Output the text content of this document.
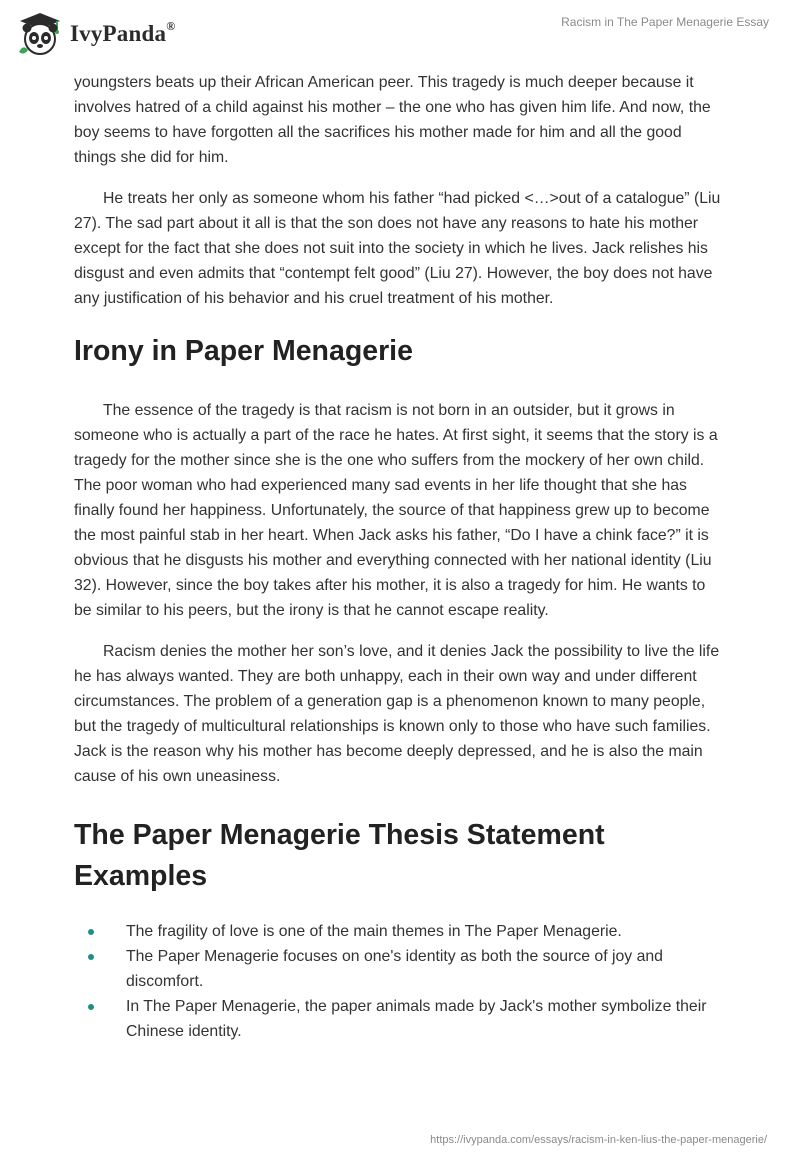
IvyPanda®	Racism in The Paper Menagerie Essay

youngsters beats up their African American peer. This tragedy is much deeper because it involves hatred of a child against his mother – the one who has given him life. And now, the boy seems to have forgotten all the sacrifices his mother made for him and all the good things she did for him.

He treats her only as someone whom his father “had picked <…>out of a catalogue” (Liu 27). The sad part about it all is that the son does not have any reasons to hate his mother except for the fact that she does not suit into the society in which he lives. Jack relishes his disgust and even admits that “contempt felt good” (Liu 27). However, the boy does not have any justification of his behavior and his cruel treatment of his mother.

Irony in Paper Menagerie

The essence of the tragedy is that racism is not born in an outsider, but it grows in someone who is actually a part of the race he hates. At first sight, it seems that the story is a tragedy for the mother since she is the one who suffers from the mockery of her own child. The poor woman who had experienced many sad events in her life thought that she has finally found her happiness. Unfortunately, the source of that happiness grew up to become the most painful stab in her heart. When Jack asks his father, “Do I have a chink face?” it is obvious that he disgusts his mother and everything connected with her national identity (Liu 32). However, since the boy takes after his mother, it is also a tragedy for him. He wants to be similar to his peers, but the irony is that he cannot escape reality.

Racism denies the mother her son’s love, and it denies Jack the possibility to live the life he has always wanted. They are both unhappy, each in their own way and under different circumstances. The problem of a generation gap is a phenomenon known to many people, but the tragedy of multicultural relationships is known only to those who have such families. Jack is the reason why his mother has become deeply depressed, and he is also the main cause of his own uneasiness.

The Paper Menagerie Thesis Statement Examples
The fragility of love is one of the main themes in The Paper Menagerie.
The Paper Menagerie focuses on one's identity as both the source of joy and discomfort.
In The Paper Menagerie, the paper animals made by Jack's mother symbolize their Chinese identity.
https://ivypanda.com/essays/racism-in-ken-lius-the-paper-menagerie/
